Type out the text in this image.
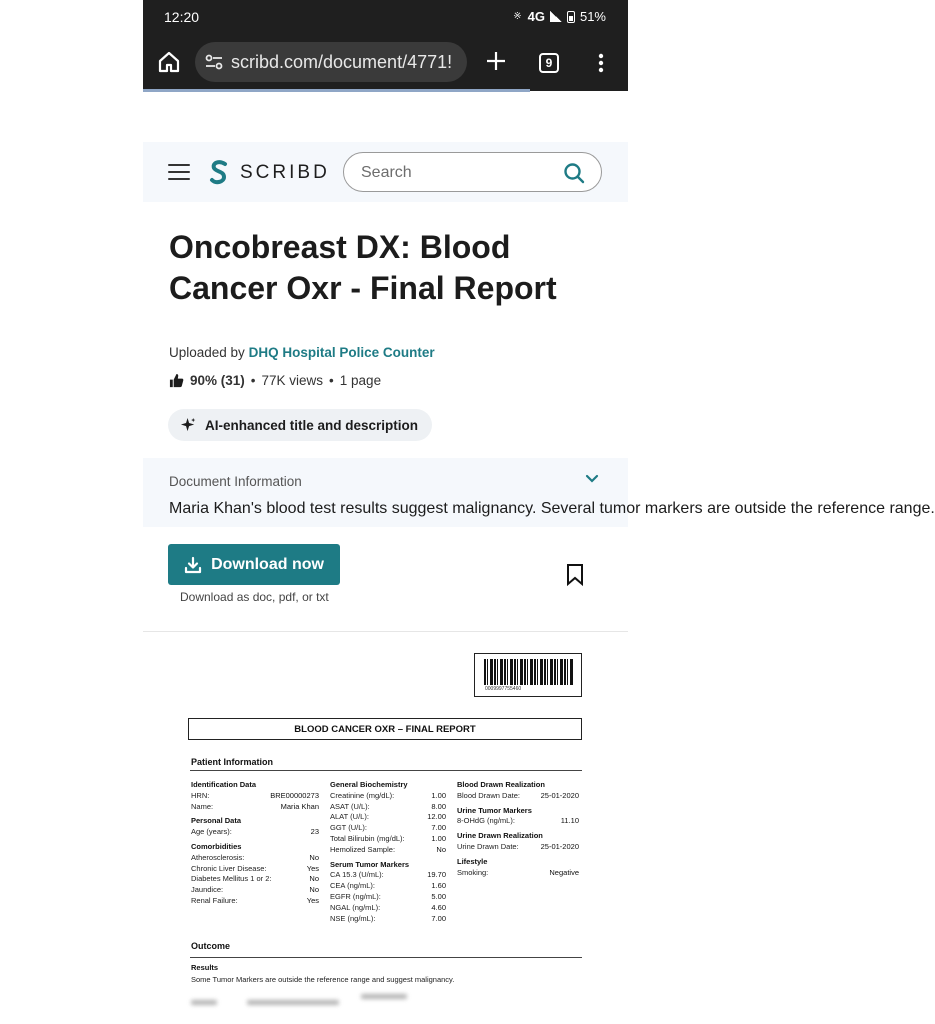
12:20	※ 4G	51%
scribd.com/document/4771!	9
SCRIBD
Search
Oncobreast DX: Blood Cancer Oxr - Final Report
Uploaded by DHQ Hospital Police Counter
90% (31) • 77K views • 1 page
AI-enhanced title and description
Document Information
Maria Khan's blood test results suggest malignancy. Several tumor markers are outside the reference range.
Download now
Download as doc, pdf, or txt
0009997755460
BLOOD CANCER OXR – FINAL REPORT
Patient Information
Identification Data
HRN:	BRE00000273
Name:	Maria Khan
Personal Data
Age (years):	23
Comorbidities
Atherosclerosis:	No
Chronic Liver Disease:	Yes
Diabetes Mellitus 1 or 2:	No
Jaundice:	No
Renal Failure:	Yes
General Biochemistry
Creatinine (mg/dL):	1.00
ASAT (U/L):	8.00
ALAT (U/L):	12.00
GGT (U/L):	7.00
Total Bilirubin (mg/dL):	1.00
Hemolized Sample:	No
Serum Tumor Markers
CA 15.3 (U/mL):	19.70
CEA (ng/mL):	1.60
EGFR (ng/mL):	5.00
NGAL (ng/mL):	4.60
NSE (ng/mL):	7.00
Blood Drawn Realization
Blood Drawn Date:	25-01-2020
Urine Tumor Markers
8-OHdG (ng/mL):	11.10
Urine Drawn Realization
Urine Drawn Date:	25-01-2020
Lifestyle
Smoking:	Negative
Outcome
Results
Some Tumor Markers are outside the reference range and suggest malignancy.
